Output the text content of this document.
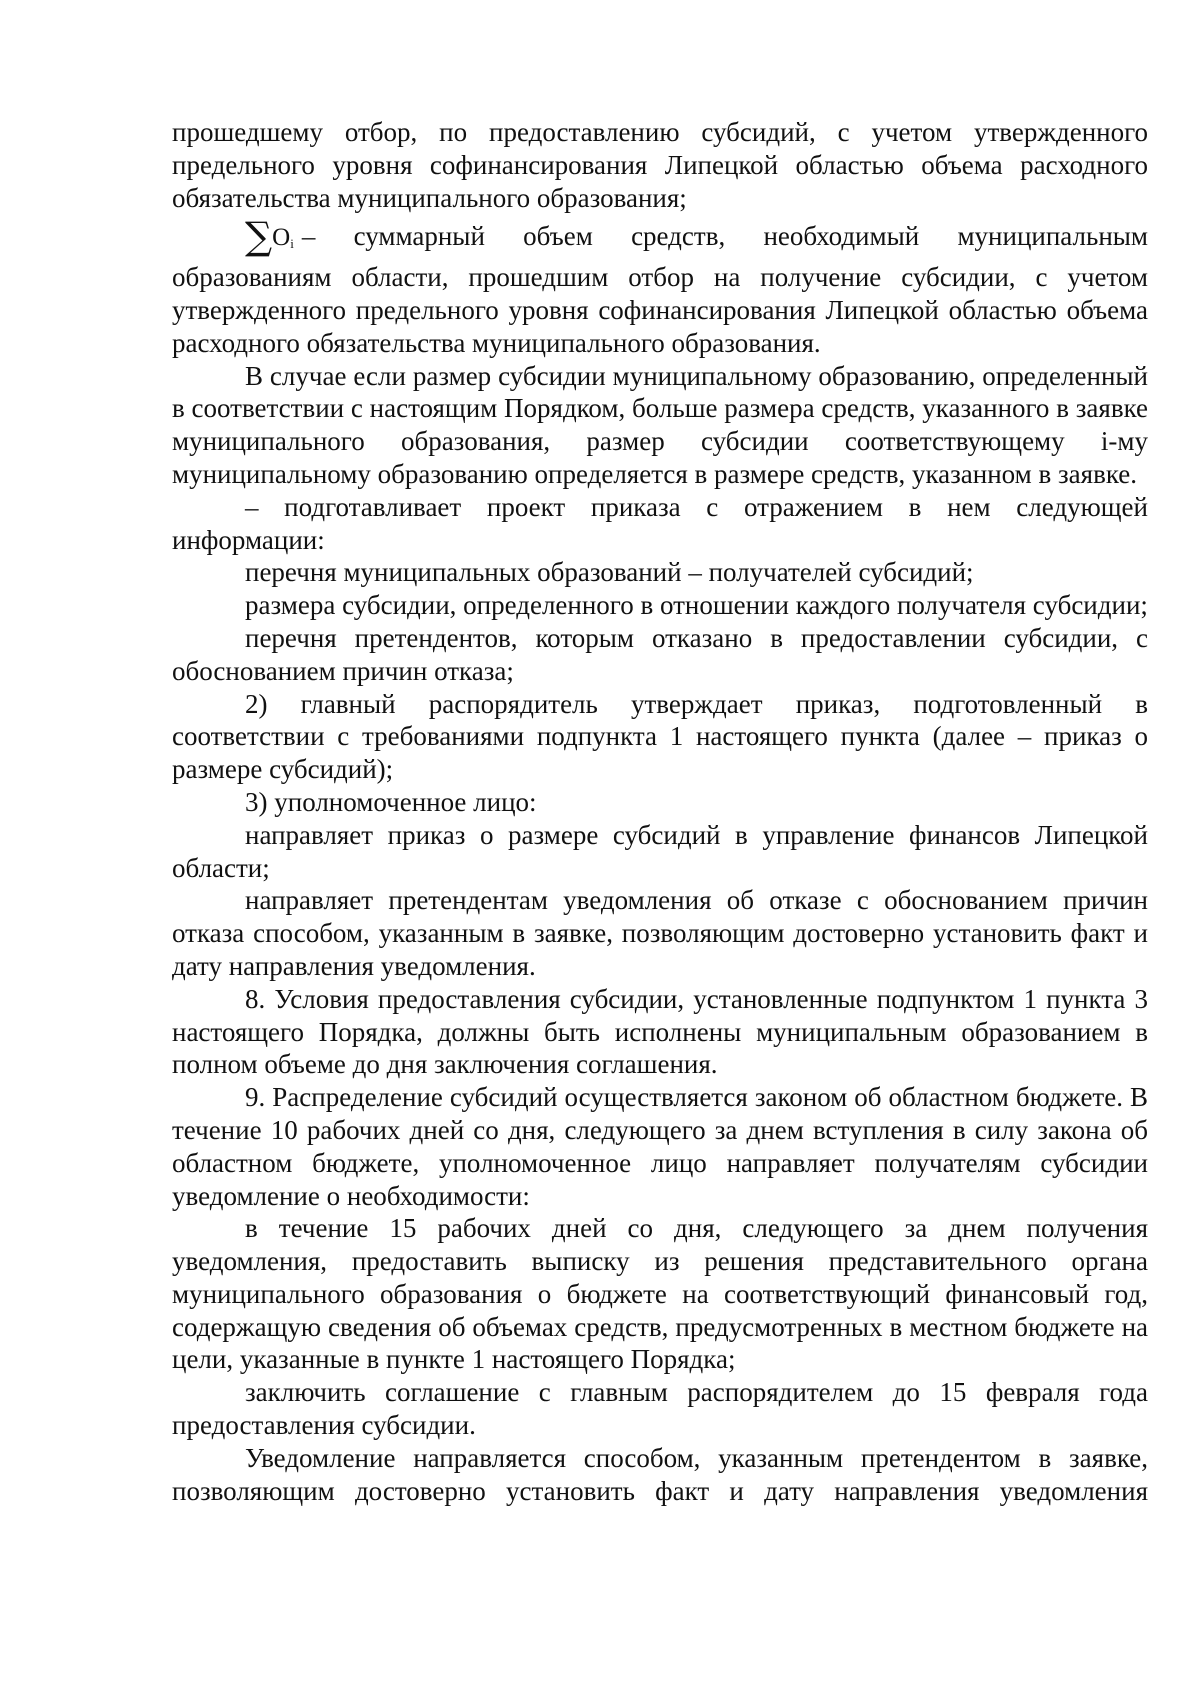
прошедшему отбор, по предоставлению субсидий, с учетом утвержденного предельного уровня софинансирования Липецкой областью объема расходного обязательства муниципального образования;

∑Oi – суммарный объем средств, необходимый муниципальным образованиям области, прошедшим отбор на получение субсидии, с учетом утвержденного предельного уровня софинансирования Липецкой областью объема расходного обязательства муниципального образования.

В случае если размер субсидии муниципальному образованию, определенный в соответствии с настоящим Порядком, больше размера средств, указанного в заявке муниципального образования, размер субсидии соответствующему i-му муниципальному образованию определяется в размере средств, указанном в заявке.

– подготавливает проект приказа с отражением в нем следующей информации:

перечня муниципальных образований – получателей субсидий;

размера субсидии, определенного в отношении каждого получателя субсидии;

перечня претендентов, которым отказано в предоставлении субсидии, с обоснованием причин отказа;

2) главный распорядитель утверждает приказ, подготовленный в соответствии с требованиями подпункта 1 настоящего пункта (далее – приказ о размере субсидий);

3) уполномоченное лицо:

направляет приказ о размере субсидий в управление финансов Липецкой области;

направляет претендентам уведомления об отказе с обоснованием причин отказа способом, указанным в заявке, позволяющим достоверно установить факт и дату направления уведомления.

8. Условия предоставления субсидии, установленные подпунктом 1 пункта 3 настоящего Порядка, должны быть исполнены муниципальным образованием в полном объеме до дня заключения соглашения.

9. Распределение субсидий осуществляется законом об областном бюджете. В течение 10 рабочих дней со дня, следующего за днем вступления в силу закона об областном бюджете, уполномоченное лицо направляет получателям субсидии уведомление о необходимости:

в течение 15 рабочих дней со дня, следующего за днем получения уведомления, предоставить выписку из решения представительного органа муниципального образования о бюджете на соответствующий финансовый год, содержащую сведения об объемах средств, предусмотренных в местном бюджете на цели, указанные в пункте 1 настоящего Порядка;

заключить соглашение с главным распорядителем до 15 февраля года предоставления субсидии.

Уведомление направляется способом, указанным претендентом в заявке, позволяющим достоверно установить факт и дату направления уведомления
